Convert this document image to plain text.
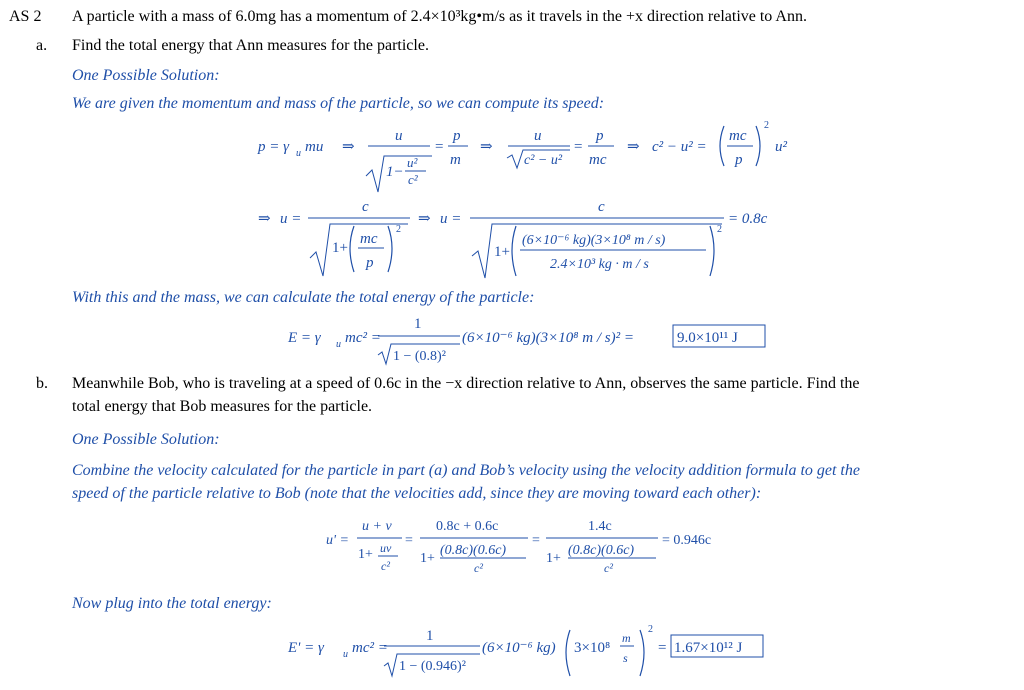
AS 2 A particle with a mass of 6.0mg has a momentum of 2.4×10³kg•m/s as it travels in the +x direction relative to Ann.
a. Find the total energy that Ann measures for the particle.
One Possible Solution:
We are given the momentum and mass of the particle, so we can compute its speed:
p = γ u mu ⇒
u
1−
u²
c²
=
p
m
⇒
u
c² − u²
=
p
mc
⇒ c² − u² =
mc
p
2
u²
⇒ u =
c
1+
mc
p
2
⇒ u =
c
1+
(6×10⁻⁶ kg)(3×10⁸ m / s)
2.4×10³ kg · m / s
2
= 0.8c
With this and the mass, we can calculate the total energy of the particle:
E = γ u mc² =
1
1 − (0.8)²
(6×10⁻⁶ kg)(3×10⁸ m / s)² =	9.0×10¹¹ J
b. Meanwhile Bob, who is traveling at a speed of 0.6c in the −x direction relative to Ann, observes the same particle. Find the
total energy that Bob measures for the particle.
One Possible Solution:
Combine the velocity calculated for the particle in part (a) and Bob’s velocity using the velocity addition formula to get the
speed of the particle relative to Bob (note that the velocities add, since they are moving toward each other):
u' =
u + v
1+ uv
c²
=
0.8c + 0.6c
1+
(0.8c)(0.6c)
c²
=
1.4c
1+
(0.8c)(0.6c)
c²
= 0.946c
Now plug into the total energy:
E' = γ u mc² =
1
1 − (0.946)²
(6×10⁻⁶ kg) 3×10⁸
m
s
2
= 1.67×10¹² J
